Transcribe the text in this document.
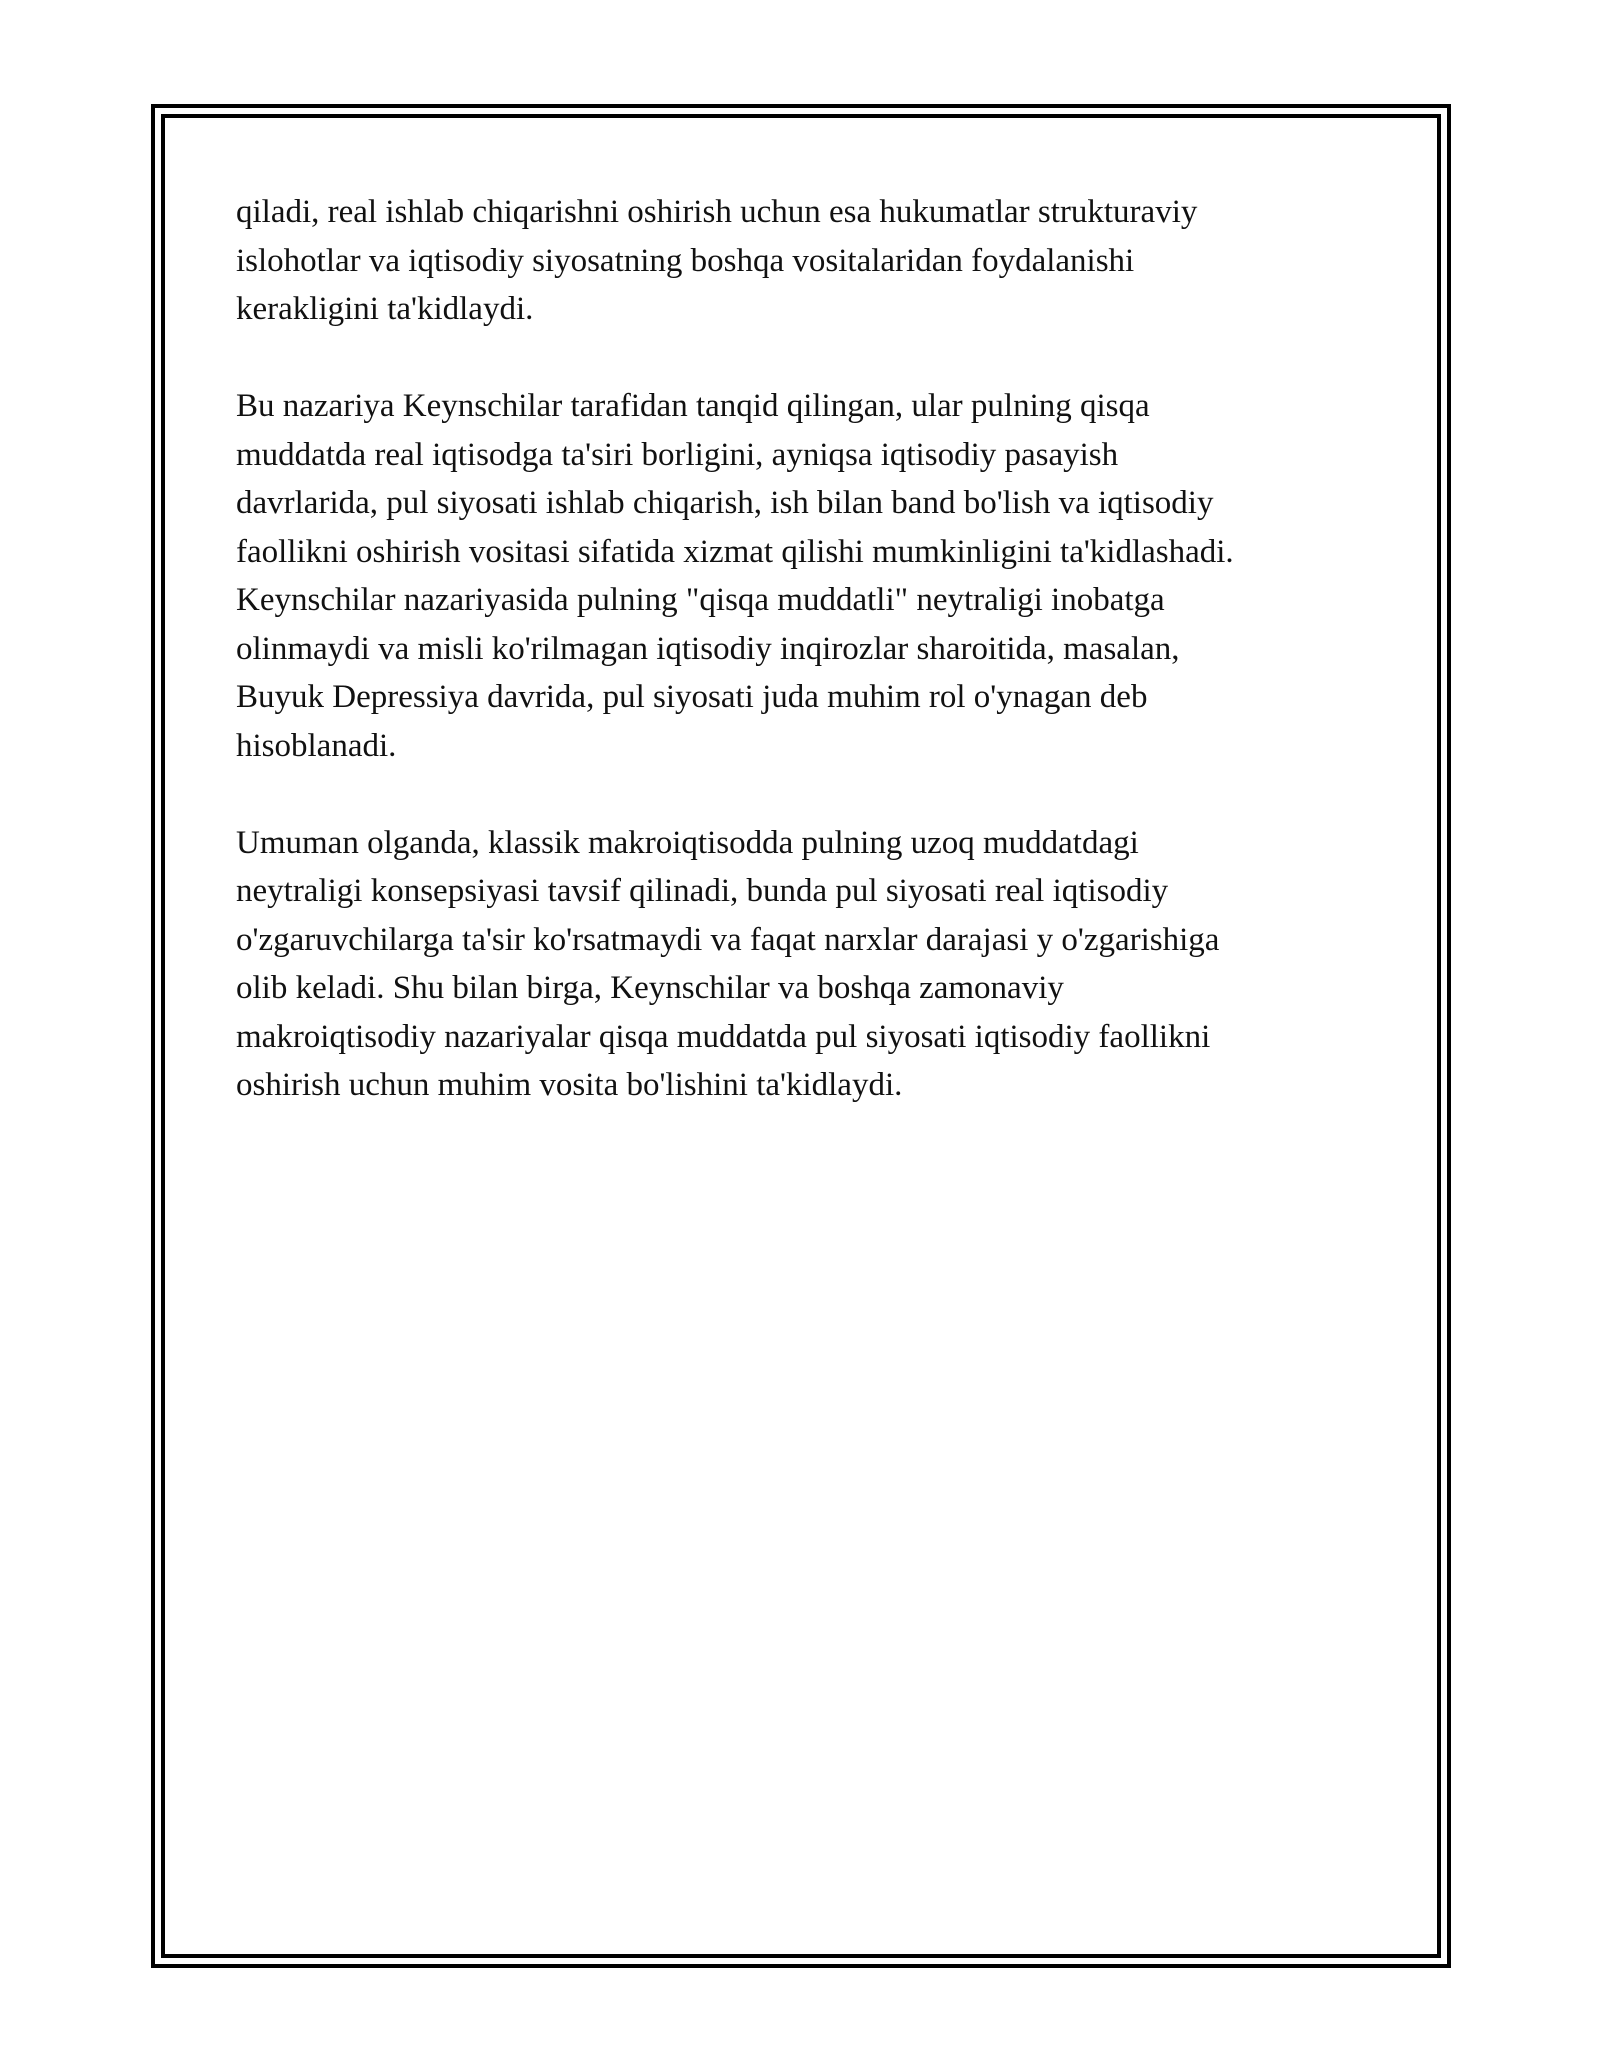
qiladi, real ishlab chiqarishni oshirish uchun esa hukumatlar strukturaviy
islohotlar va iqtisodiy siyosatning boshqa vositalaridan foydalanishi
kerakligini ta'kidlaydi.

Bu nazariya Keynschilar tarafidan tanqid qilingan, ular pulning qisqa
muddatda real iqtisodga ta'siri borligini, ayniqsa iqtisodiy pasayish
davrlarida, pul siyosati ishlab chiqarish, ish bilan band bo'lish va iqtisodiy
faollikni oshirish vositasi sifatida xizmat qilishi mumkinligini ta'kidlashadi.
Keynschilar nazariyasida pulning "qisqa muddatli" neytraligi inobatga
olinmaydi va misli ko'rilmagan iqtisodiy inqirozlar sharoitida, masalan,
Buyuk Depressiya davrida, pul siyosati juda muhim rol o'ynagan deb
hisoblanadi.

Umuman olganda, klassik makroiqtisodda pulning uzoq muddatdagi
neytraligi konsepsiyasi tavsif qilinadi, bunda pul siyosati real iqtisodiy
o'zgaruvchilarga ta'sir ko'rsatmaydi va faqat narxlar darajasi y o'zgarishiga
olib keladi. Shu bilan birga, Keynschilar va boshqa zamonaviy
makroiqtisodiy nazariyalar qisqa muddatda pul siyosati iqtisodiy faollikni
oshirish uchun muhim vosita bo'lishini ta'kidlaydi.
